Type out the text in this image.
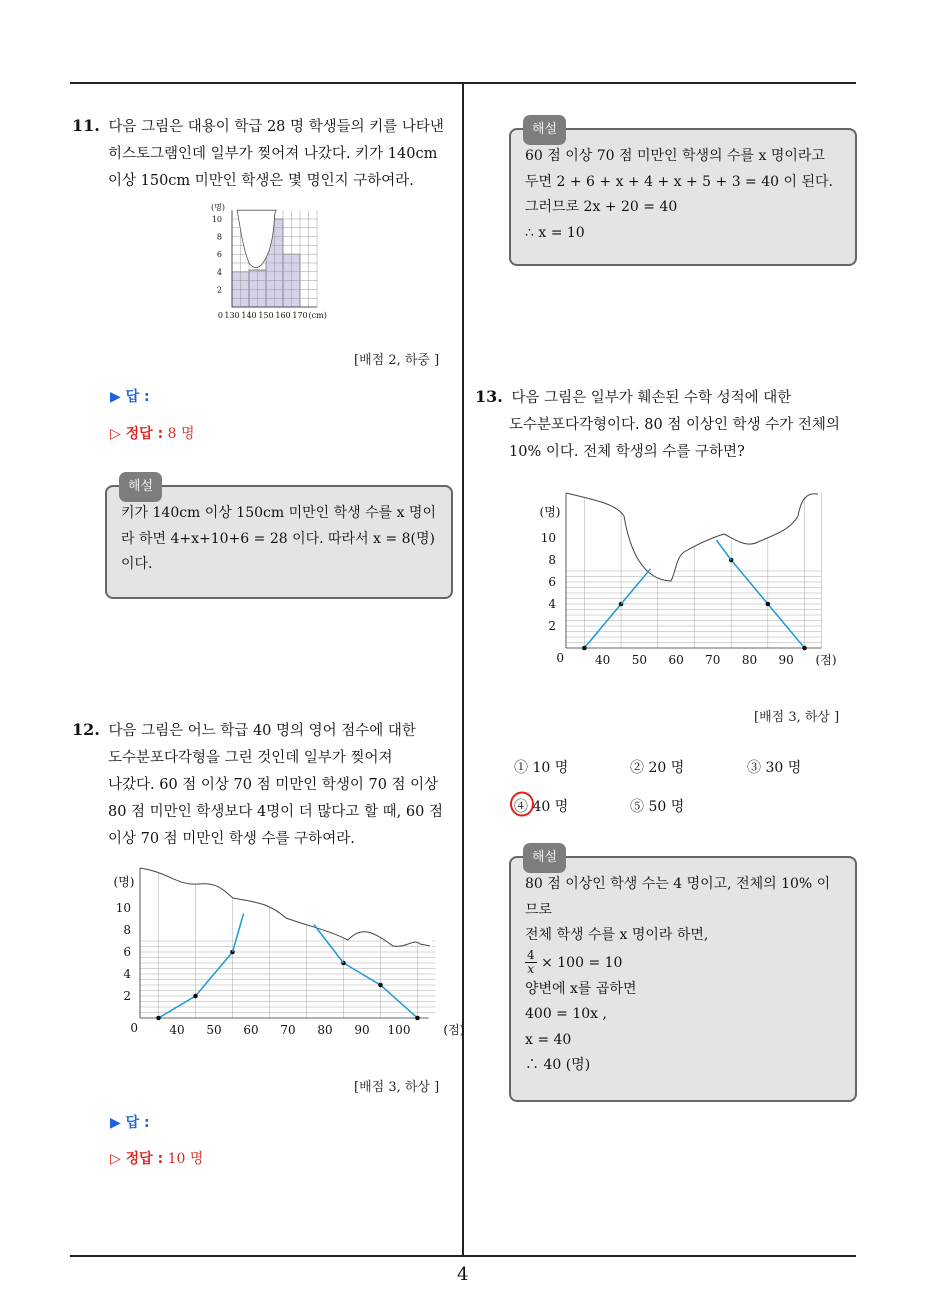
4
11. 다음 그림은 대용이 학급 28 명 학생들의 키를 나타낸
히스토그램인데 일부가 찢어져 나갔다. 키가 140cm
이상 150cm 미만인 학생은 몇 명인지 구하여라.
(명)
2
4
6
8
10
0 130 140 150 160 170 (cm)
[배점 2, 하중 ]
▶ 답 :
▷ 정답 : 8 명
해설
키가 140cm 이상 150cm 미만인 학생 수를 x 명이
라 하면 4+x+10+6 = 28 이다. 따라서 x = 8(명)
이다.
12. 다음 그림은 어느 학급 40 명의 영어 점수에 대한
도수분포다각형을 그린 것인데 일부가 찢어져
나갔다. 60 점 이상 70 점 미만인 학생이 70 점 이상
80 점 미만인 학생보다 4명이 더 많다고 할 때, 60 점
이상 70 점 미만인 학생 수를 구하여라.
(명)
0
2
4
6
8
10
40 50 60 70 80 90 100	(점)
[배점 3, 하상 ]
▶ 답 :
▷ 정답 : 10 명
해설
60 점 이상 70 점 미만인 학생의 수를 x 명이라고
두면 2 + 6 + x + 4 + x + 5 + 3 = 40 이 된다.
그러므로 2x + 20 = 40
∴ x = 10
13. 다음 그림은 일부가 훼손된 수학 성적에 대한
도수분포다각형이다. 80 점 이상인 학생 수가 전체의
10% 이다. 전체 학생의 수를 구하면?
(명)
0
2
4
6
8
10
40 50 60 70 80 90 (점)
[배점 3, 하상 ]
① 10 명	② 20 명	③ 30 명
④ 40 명	⑤ 50 명
해설
80 점 이상인 학생 수는 4 명이고, 전체의 10% 이
므로
전체 학생 수를 x 명이라 하면,
$\frac{4}{x} \times 100 = 10$
양변에 x를 곱하면
400 = 10x ,
x = 40
∴ 40 (명)
